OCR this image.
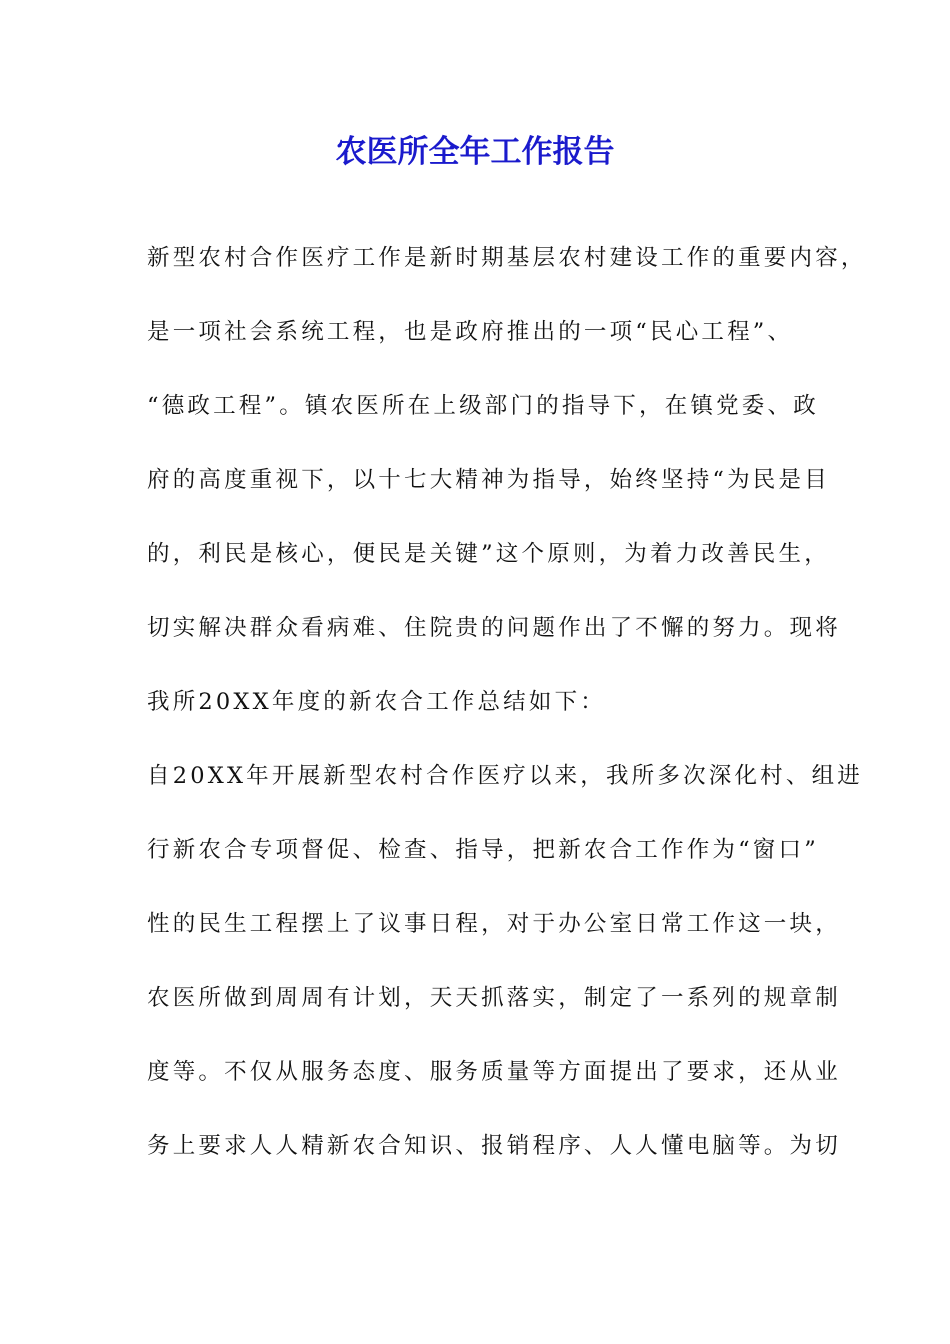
农医所全年工作报告

新型农村合作医疗工作是新时期基层农村建设工作的重要内容，

是一项社会系统工程，也是政府推出的一项“民心工程”、

“德政工程”。镇农医所在上级部门的指导下，在镇党委、政

府的高度重视下，以十七大精神为指导，始终坚持“为民是目

的，利民是核心，便民是关键”这个原则，为着力改善民生，

切实解决群众看病难、住院贵的问题作出了不懈的努力。现将

我所20XX年度的新农合工作总结如下：

自20XX年开展新型农村合作医疗以来，我所多次深化村、组进

行新农合专项督促、检查、指导，把新农合工作作为“窗口”

性的民生工程摆上了议事日程，对于办公室日常工作这一块，

农医所做到周周有计划，天天抓落实，制定了一系列的规章制

度等。不仅从服务态度、服务质量等方面提出了要求，还从业

务上要求人人精新农合知识、报销程序、人人懂电脑等。为切
